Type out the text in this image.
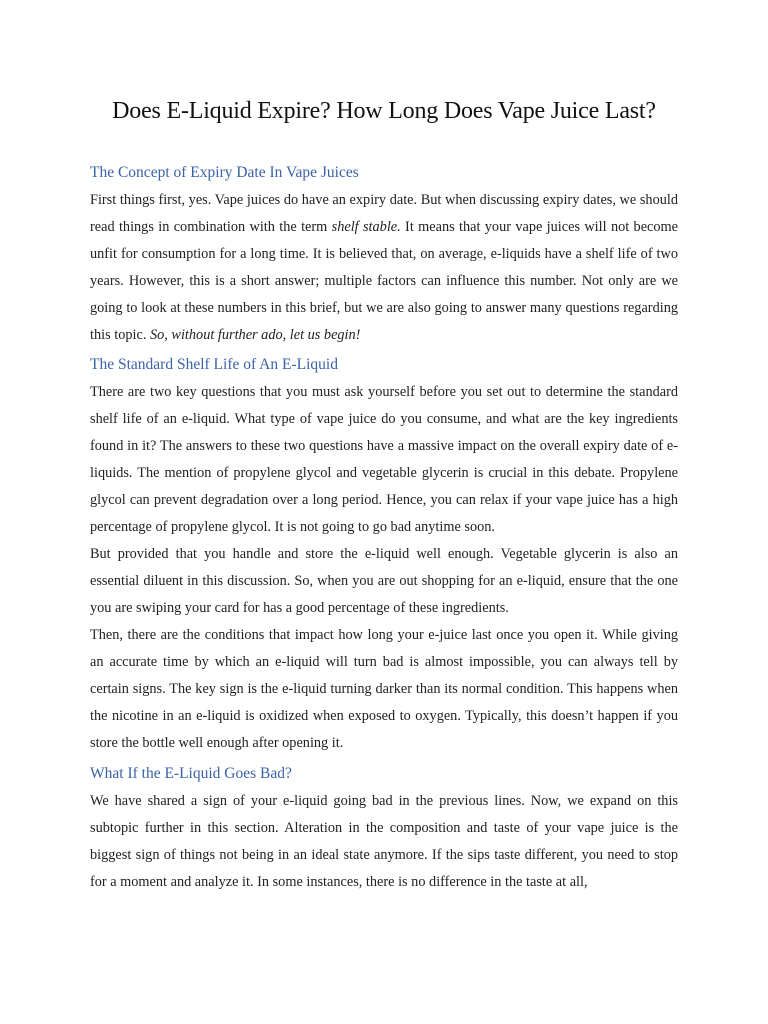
Does E-Liquid Expire? How Long Does Vape Juice Last?
The Concept of Expiry Date In Vape Juices

First things first, yes. Vape juices do have an expiry date. But when discussing expiry dates, we should read things in combination with the term shelf stable. It means that your vape juices will not become unfit for consumption for a long time. It is believed that, on average, e-liquids have a shelf life of two years. However, this is a short answer; multiple factors can influence this number. Not only are we going to look at these numbers in this brief, but we are also going to answer many questions regarding this topic. So, without further ado, let us begin!

The Standard Shelf Life of An E-Liquid

There are two key questions that you must ask yourself before you set out to determine the standard shelf life of an e-liquid. What type of vape juice do you consume, and what are the key ingredients found in it? The answers to these two questions have a massive impact on the overall expiry date of e-liquids. The mention of propylene glycol and vegetable glycerin is crucial in this debate. Propylene glycol can prevent degradation over a long period. Hence, you can relax if your vape juice has a high percentage of propylene glycol. It is not going to go bad anytime soon.

But provided that you handle and store the e-liquid well enough. Vegetable glycerin is also an essential diluent in this discussion. So, when you are out shopping for an e-liquid, ensure that the one you are swiping your card for has a good percentage of these ingredients.

Then, there are the conditions that impact how long your e-juice last once you open it. While giving an accurate time by which an e-liquid will turn bad is almost impossible, you can always tell by certain signs. The key sign is the e-liquid turning darker than its normal condition. This happens when the nicotine in an e-liquid is oxidized when exposed to oxygen. Typically, this doesn’t happen if you store the bottle well enough after opening it.

What If the E-Liquid Goes Bad?

We have shared a sign of your e-liquid going bad in the previous lines. Now, we expand on this subtopic further in this section. Alteration in the composition and taste of your vape juice is the biggest sign of things not being in an ideal state anymore. If the sips taste different, you need to stop for a moment and analyze it. In some instances, there is no difference in the taste at all,
